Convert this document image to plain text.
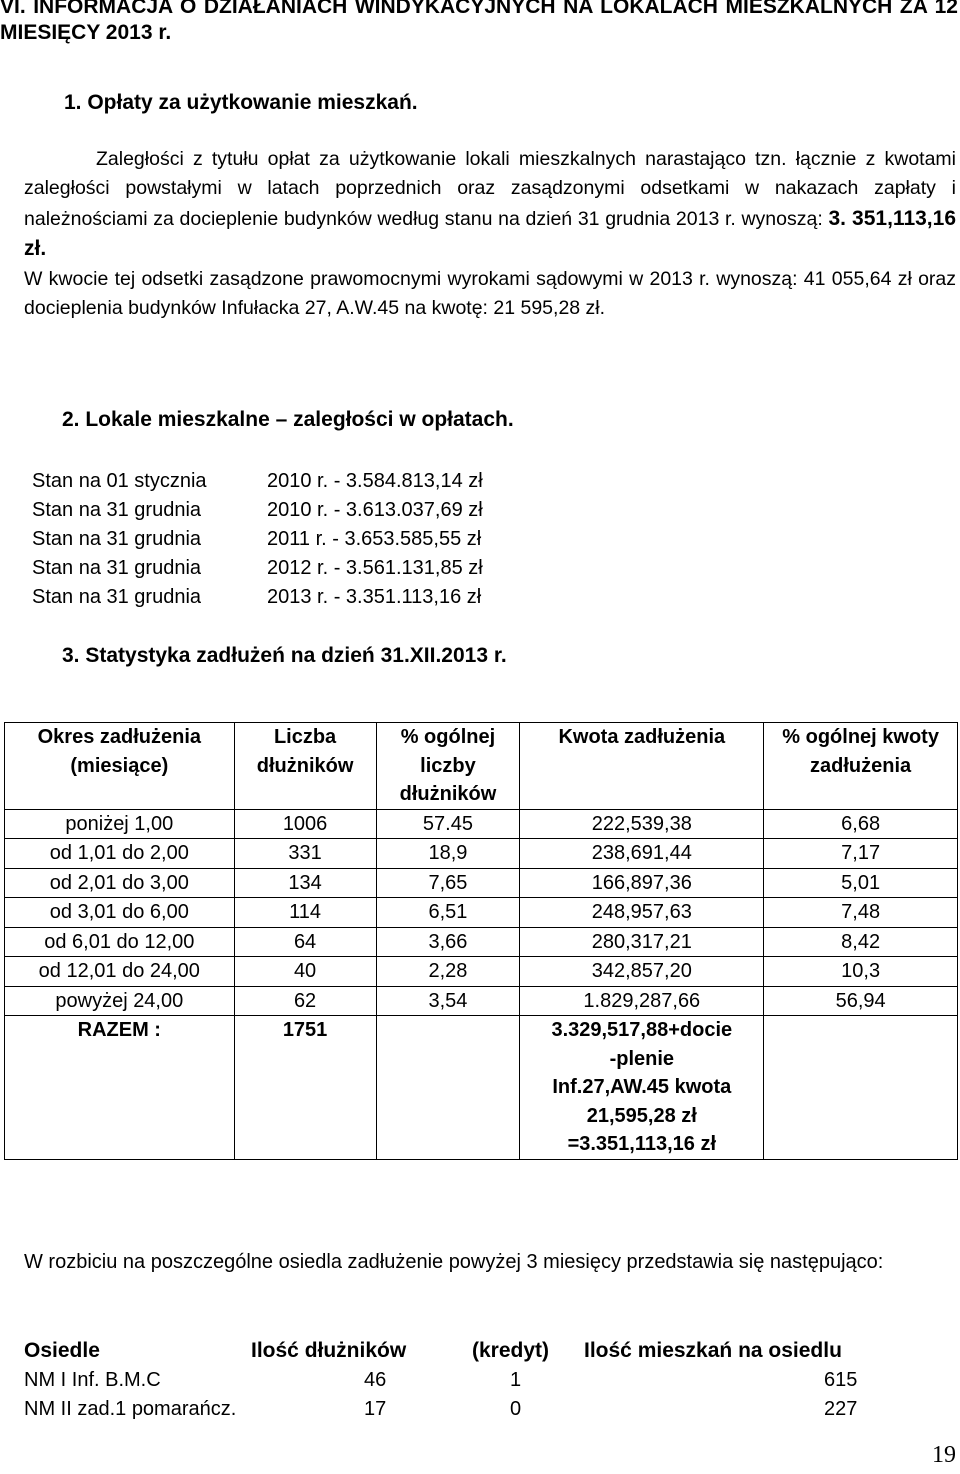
VI. INFORMACJA O DZIAŁANIACH WINDYKACYJNYCH NA LOKALACH MIESZKALNYCH ZA 12 MIESIĘCY 2013 r.
1. Opłaty za użytkowanie mieszkań.
Zaległości z tytułu opłat za użytkowanie lokali mieszkalnych narastająco tzn. łącznie z kwotami zaległości powstałymi w latach poprzednich oraz zasądzonymi odsetkami w nakazach zapłaty i należnościami za docieplenie budynków według stanu na dzień 31 grudnia 2013 r. wynoszą: 3. 351,113,16 zł.
W kwocie tej odsetki zasądzone prawomocnymi wyrokami sądowymi w 2013 r. wynoszą: 41 055,64 zł oraz docieplenia budynków Infułacka 27, A.W.45 na kwotę: 21 595,28 zł.
2. Lokale mieszkalne – zaległości w opłatach.
Stan na 01 stycznia	2010 r. - 3.584.813,14 zł
Stan na 31 grudnia	2010 r. - 3.613.037,69 zł
Stan na 31 grudnia	2011 r. - 3.653.585,55 zł
Stan na 31 grudnia	2012 r. - 3.561.131,85 zł
Stan na 31 grudnia	2013 r. - 3.351.113,16 zł
3. Statystyka zadłużeń na dzień 31.XII.2013 r.
Okres zadłużenia (miesiące)	Liczba dłużników	% ogólnej liczby dłużników	Kwota zadłużenia	% ogólnej kwoty zadłużenia
poniżej 1,00	1006	57.45	222,539,38	6,68
od 1,01 do 2,00	331	18,9	238,691,44	7,17
od 2,01 do 3,00	134	7,65	166,897,36	5,01
od 3,01 do 6,00	114	6,51	248,957,63	7,48
od 6,01 do 12,00	64	3,66	280,317,21	8,42
od 12,01 do 24,00	40	2,28	342,857,20	10,3
powyżej 24,00	62	3,54	1.829,287,66	56,94
RAZEM :	1751		3.329,517,88+docie
-plenie
Inf.27,AW.45 kwota
21,595,28 zł
=3.351,113,16 zł	

W rozbiciu na poszczególne osiedla zadłużenie powyżej 3 miesięcy przedstawia się następująco:
Osiedle	Ilość dłużników	(kredyt) Ilość mieszkań na osiedlu
NM I Inf. B.M.C	46	1	615
NM II zad.1 pomarańcz.	17	0	227
19
